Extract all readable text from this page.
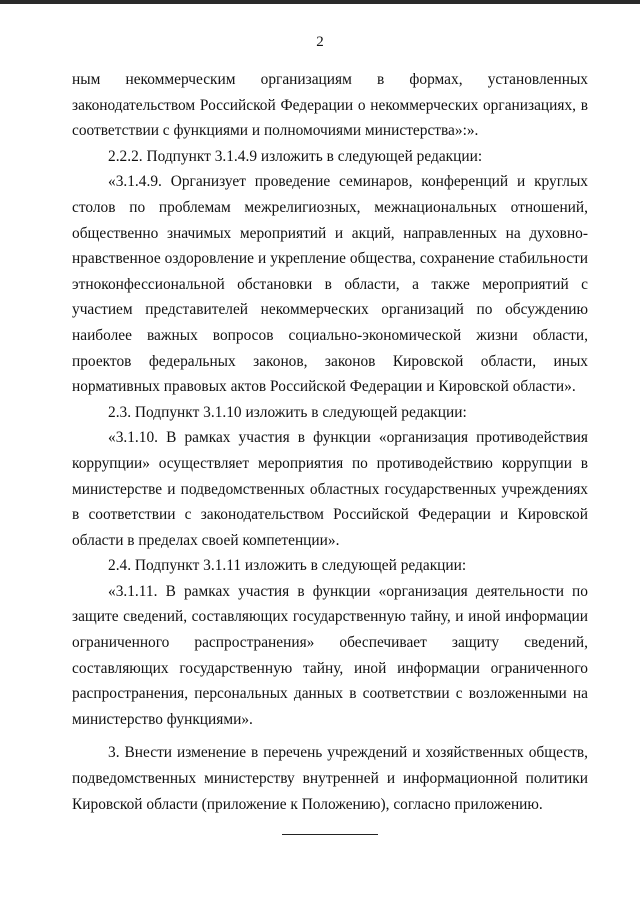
2

ным некоммерческим организациям в формах, установленных законодательством Российской Федерации о некоммерческих организациях, в соответствии с функциями и полномочиями министерства»:».

2.2.2. Подпункт 3.1.4.9 изложить в следующей редакции:

«3.1.4.9. Организует проведение семинаров, конференций и круглых столов по проблемам межрелигиозных, межнациональных отношений, общественно значимых мероприятий и акций, направленных на духовно-нравственное оздоровление и укрепление общества, сохранение стабильности этноконфессиональной обстановки в области, а также мероприятий с участием представителей некоммерческих организаций по обсуждению наиболее важных вопросов социально-экономической жизни области, проектов федеральных законов, законов Кировской области, иных нормативных правовых актов Российской Федерации и Кировской области».

2.3. Подпункт 3.1.10 изложить в следующей редакции:

«3.1.10. В рамках участия в функции «организация противодействия коррупции» осуществляет мероприятия по противодействию коррупции в министерстве и подведомственных областных государственных учреждениях в соответствии с законодательством Российской Федерации и Кировской области в пределах своей компетенции».

2.4. Подпункт 3.1.11 изложить в следующей редакции:

«3.1.11. В рамках участия в функции «организация деятельности по защите сведений, составляющих государственную тайну, и иной информации ограниченного распространения» обеспечивает защиту сведений, составляющих государственную тайну, иной информации ограниченного распространения, персональных данных в соответствии с возложенными на министерство функциями».

3. Внести изменение в перечень учреждений и хозяйственных обществ, подведомственных министерству внутренней и информационной политики Кировской области (приложение к Положению), согласно приложению.
